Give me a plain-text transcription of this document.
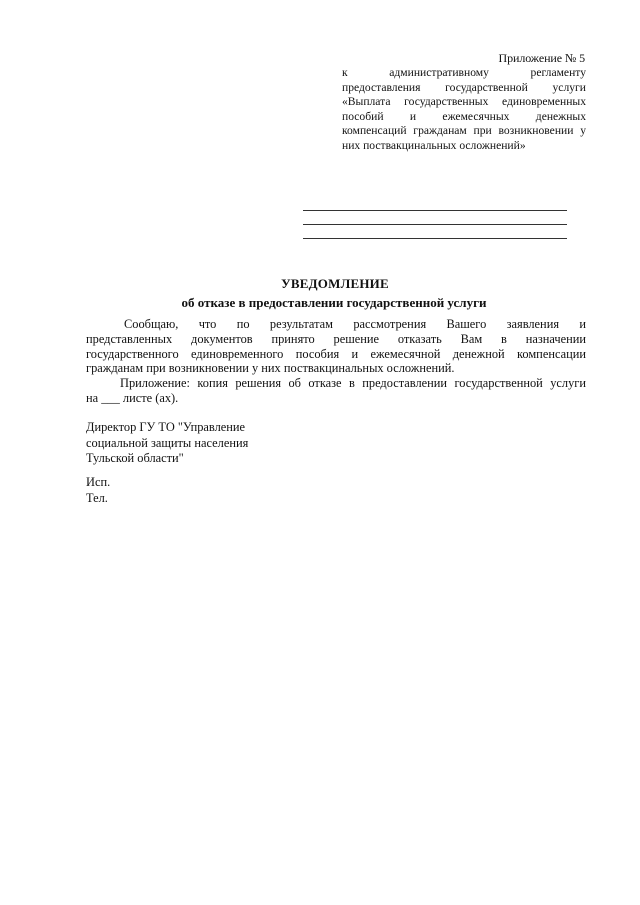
Приложение № 5
к административному регламенту
предоставления государственной услуги
«Выплата государственных единовременных
пособий и ежемесячных денежных
компенсаций гражданам при возникновении у
них поствакцинальных осложнений»
УВЕДОМЛЕНИЕ
об отказе в предоставлении государственной услуги
Сообщаю, что по результатам рассмотрения Вашего заявления и
представленных документов принято решение отказать Вам в назначении
государственного единовременного пособия и ежемесячной денежной компенсации
гражданам при возникновении у них поствакцинальных осложнений.
Приложение: копия решения об отказе в предоставлении государственной услуги
на ___ листе (ах).
Директор ГУ ТО "Управление
социальной защиты населения
Тульской области"
Исп.
Тел.
